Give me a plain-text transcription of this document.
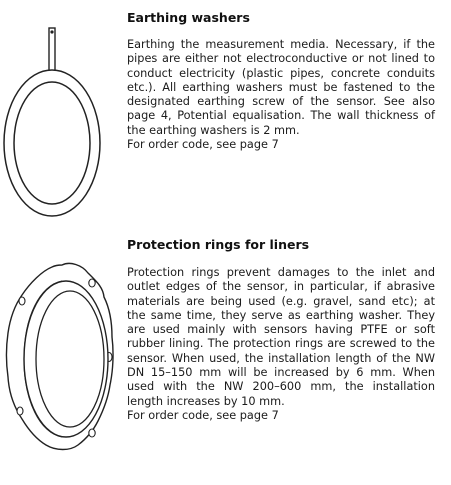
Earthing washers

Earthing the measurement media. Necessary, if the pipes are either not electroconductive or not lined to conduct electricity (plastic pipes, concrete conduits etc.). All earthing washers must be fastened to the designated earthing screw of the sensor. See also page 4, Potential equalisation. The wall thickness of the earthing washers is 2 mm.

For order code, see page 7

Protection rings for liners

Protection rings prevent damages to the inlet and outlet edges of the sensor, in particular, if abrasive materials are being used (e.g. gravel, sand etc); at the same time, they serve as earthing washer. They are used mainly with sensors having PTFE or soft rubber lining. The protection rings are screwed to the sensor. When used, the installation length of the NW DN 15–150 mm will be increased by 6 mm. When used with the NW 200–600 mm, the installation length increases by 10 mm.

For order code, see page 7
